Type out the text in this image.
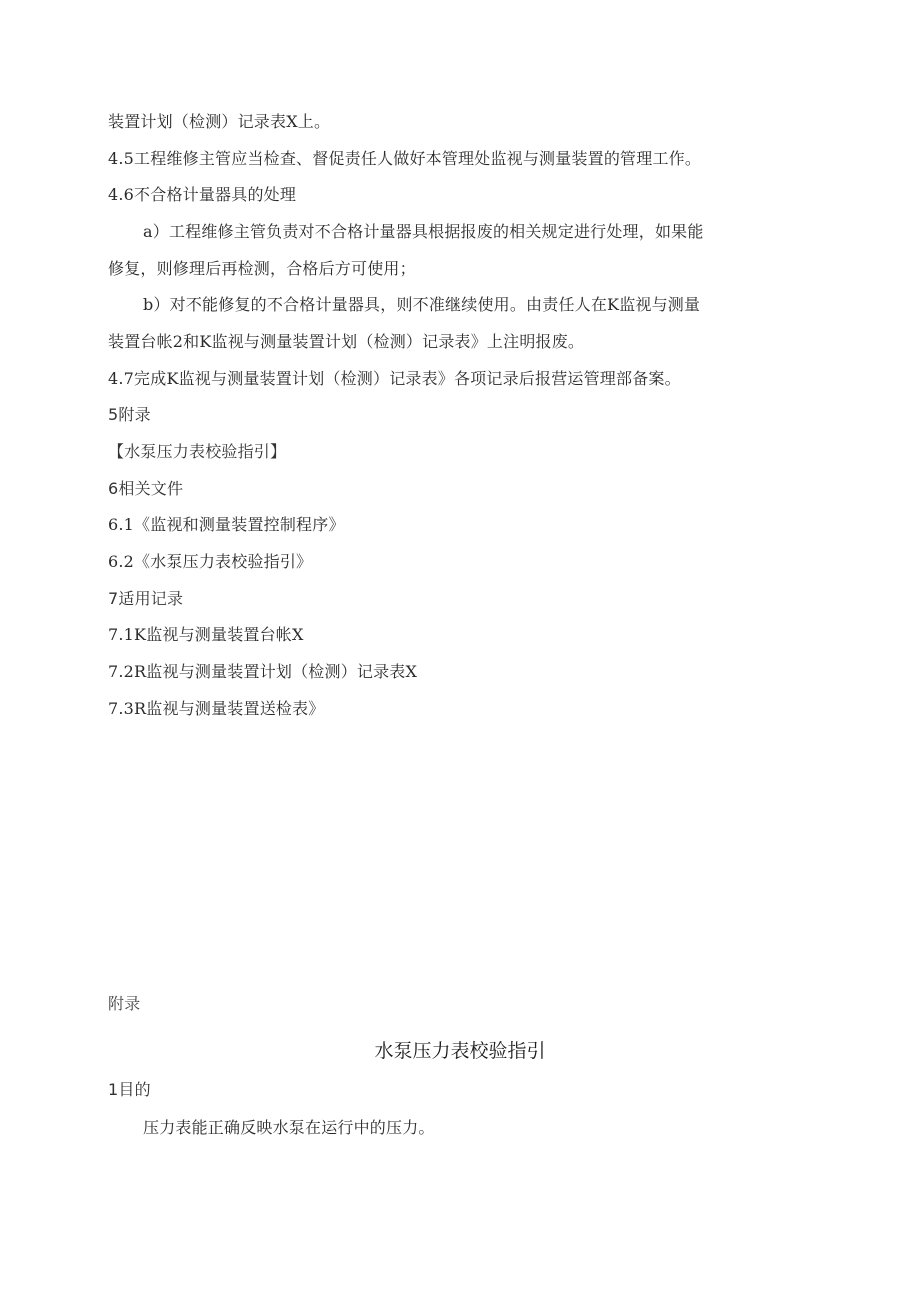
装置计划（检测）记录表X上。
4.5工程维修主管应当检查、督促责任人做好本管理处监视与测量装置的管理工作。
4.6不合格计量器具的处理
a）工程维修主管负责对不合格计量器具根据报废的相关规定进行处理，如果能
修复，则修理后再检测，合格后方可使用；
b）对不能修复的不合格计量器具，则不准继续使用。由责任人在K监视与测量
装置台帐2和K监视与测量装置计划（检测）记录表》上注明报废。
4.7完成K监视与测量装置计划（检测）记录表》各项记录后报营运管理部备案。
5附录
【水泵压力表校验指引】
6相关文件
6.1《监视和测量装置控制程序》
6.2《水泵压力表校验指引》
7适用记录
7.1K监视与测量装置台帐X
7.2R监视与测量装置计划（检测）记录表X
7.3R监视与测量装置送检表》
附录
水泵压力表校验指引
1目的
压力表能正确反映水泵在运行中的压力。
